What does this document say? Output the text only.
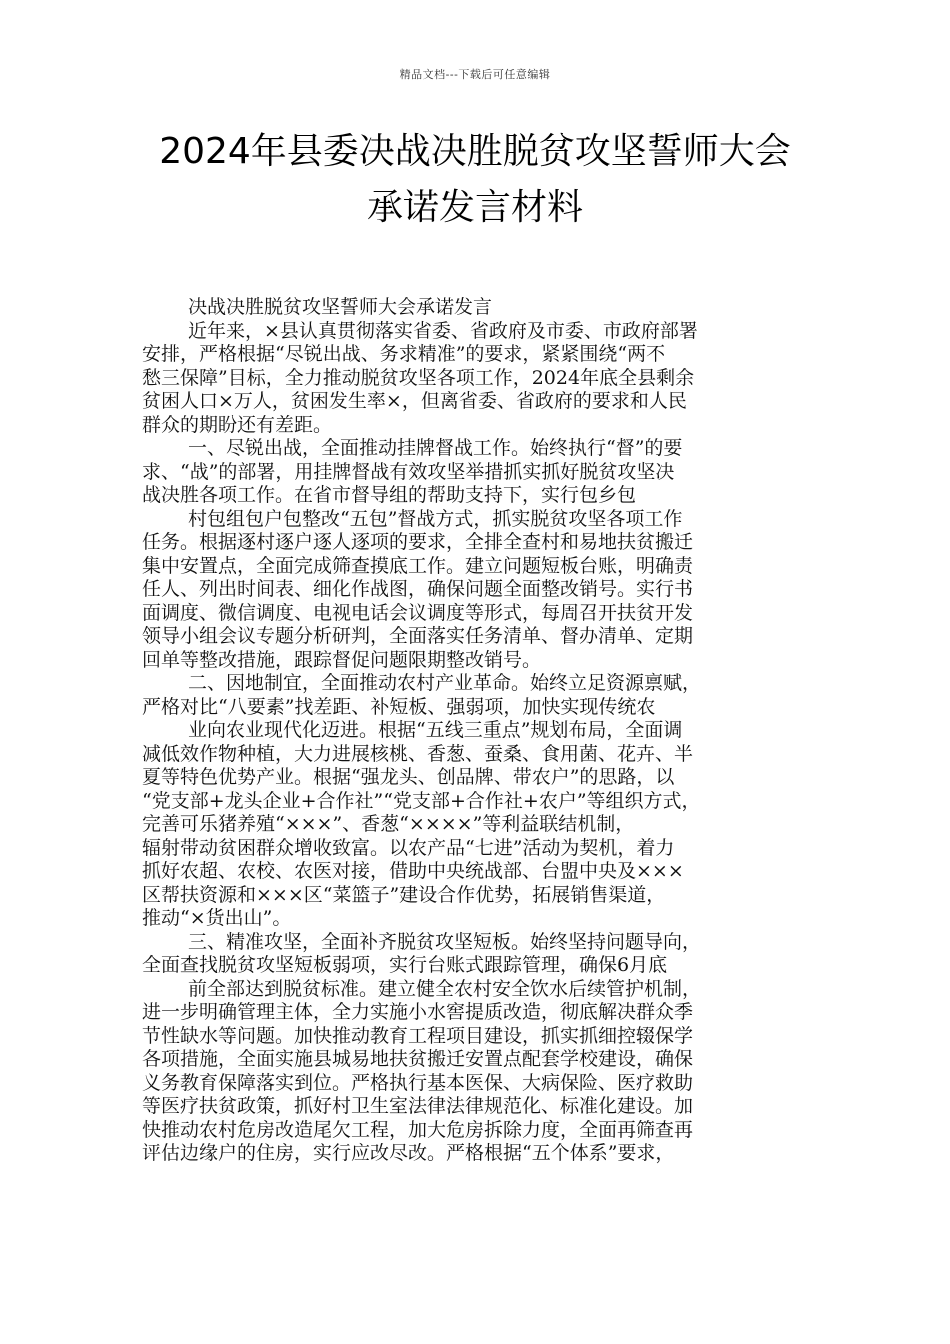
精品文档---下载后可任意编辑
2024年县委决战决胜脱贫攻坚誓师大会
承诺发言材料
决战决胜脱贫攻坚誓师大会承诺发言
近年来，×县认真贯彻落实省委、省政府及市委、市政府部署
安排，严格根据“尽锐出战、务求精准”的要求，紧紧围绕“两不
愁三保障”目标，全力推动脱贫攻坚各项工作，2024年底全县剩余
贫困人口×万人，贫困发生率×，但离省委、省政府的要求和人民
群众的期盼还有差距。
一、尽锐出战，全面推动挂牌督战工作。始终执行“督”的要
求、“战”的部署，用挂牌督战有效攻坚举措抓实抓好脱贫攻坚决
战决胜各项工作。在省市督导组的帮助支持下，实行包乡包
村包组包户包整改“五包”督战方式，抓实脱贫攻坚各项工作
任务。根据逐村逐户逐人逐项的要求，全排全查村和易地扶贫搬迁
集中安置点，全面完成筛查摸底工作。建立问题短板台账，明确责
任人、列出时间表、细化作战图，确保问题全面整改销号。实行书
面调度、微信调度、电视电话会议调度等形式，每周召开扶贫开发
领导小组会议专题分析研判，全面落实任务清单、督办清单、定期
回单等整改措施，跟踪督促问题限期整改销号。
二、因地制宜，全面推动农村产业革命。始终立足资源禀赋，
严格对比“八要素”找差距、补短板、强弱项，加快实现传统农
业向农业现代化迈进。根据“五线三重点”规划布局，全面调
减低效作物种植，大力进展核桃、香葱、蚕桑、食用菌、花卉、半
夏等特色优势产业。根据“强龙头、创品牌、带农户”的思路，以
“党支部+龙头企业+合作社”“党支部+合作社+农户”等组织方式，
完善可乐猪养殖“×××”、香葱“××××”等利益联结机制，
辐射带动贫困群众增收致富。以农产品“七进”活动为契机，着力
抓好农超、农校、农医对接，借助中央统战部、台盟中央及×××
区帮扶资源和×××区“菜篮子”建设合作优势，拓展销售渠道，
推动“×货出山”。
三、精准攻坚，全面补齐脱贫攻坚短板。始终坚持问题导向，
全面查找脱贫攻坚短板弱项，实行台账式跟踪管理，确保6月底
前全部达到脱贫标准。建立健全农村安全饮水后续管护机制，
进一步明确管理主体，全力实施小水窖提质改造，彻底解决群众季
节性缺水等问题。加快推动教育工程项目建设，抓实抓细控辍保学
各项措施，全面实施县城易地扶贫搬迁安置点配套学校建设，确保
义务教育保障落实到位。严格执行基本医保、大病保险、医疗救助
等医疗扶贫政策，抓好村卫生室法律法律规范化、标准化建设。加
快推动农村危房改造尾欠工程，加大危房拆除力度，全面再筛查再
评估边缘户的住房，实行应改尽改。严格根据“五个体系”要求，
